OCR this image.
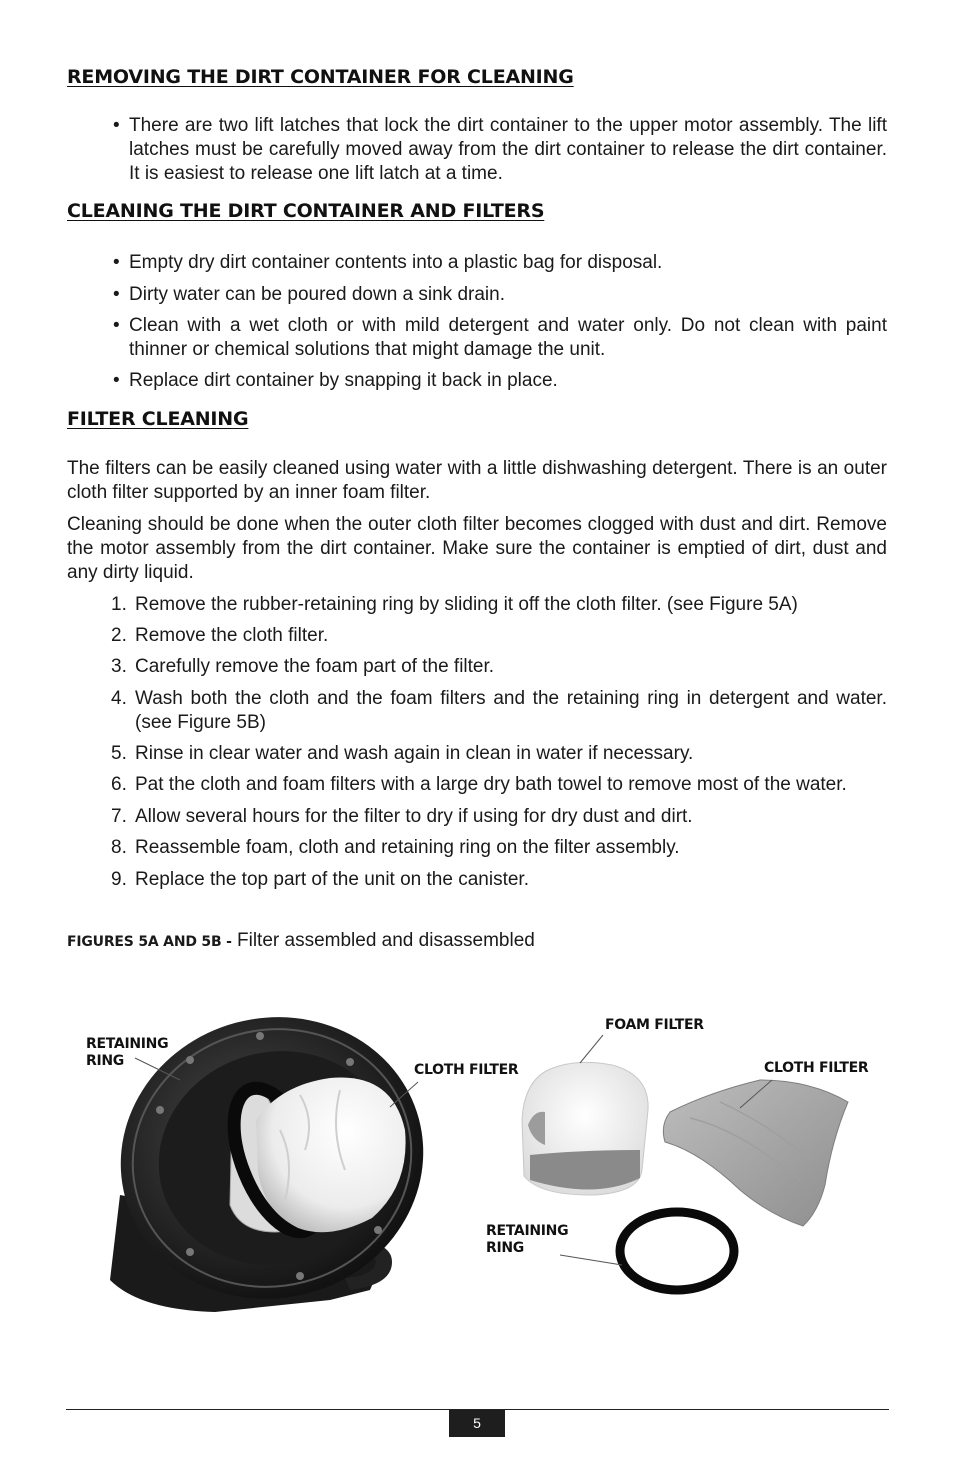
REMOVING THE DIRT CONTAINER FOR CLEANING
• There are two lift latches that lock the dirt container to the upper motor assembly. The lift latches must be carefully moved away from the dirt container to release the dirt container. It is easiest to release one lift latch at a time.
CLEANING THE DIRT CONTAINER AND FILTERS
• Empty dry dirt container contents into a plastic bag for disposal.
• Dirty water can be poured down a sink drain.
• Clean with a wet cloth or with mild detergent and water only. Do not clean with paint thinner or chemical solutions that might damage the unit.
• Replace dirt container by snapping it back in place.
FILTER CLEANING

The filters can be easily cleaned using water with a little dishwashing detergent. There is an outer cloth filter supported by an inner foam filter.

Cleaning should be done when the outer cloth filter becomes clogged with dust and dirt. Remove the motor assembly from the dirt container. Make sure the container is emptied of dirt, dust and any dirty liquid.

1. Remove the rubber-retaining ring by sliding it off the cloth filter. (see Figure 5A)
2. Remove the cloth filter.
3. Carefully remove the foam part of the filter.
4. Wash both the cloth and the foam filters and the retaining ring in detergent and water. (see Figure 5B)
5. Rinse in clear water and wash again in clean in water if necessary.
6. Pat the cloth and foam filters with a large dry bath towel to remove most of the water.
7. Allow several hours for the filter to dry if using for dry dust and dirt.
8. Reassemble foam, cloth and retaining ring on the filter assembly.
9. Replace the top part of the unit on the canister.
FIGURES 5A AND 5B - Filter assembled and disassembled
RETAINING
RING
CLOTH FILTER
FOAM FILTER
CLOTH FILTER
RETAINING
RING
5
